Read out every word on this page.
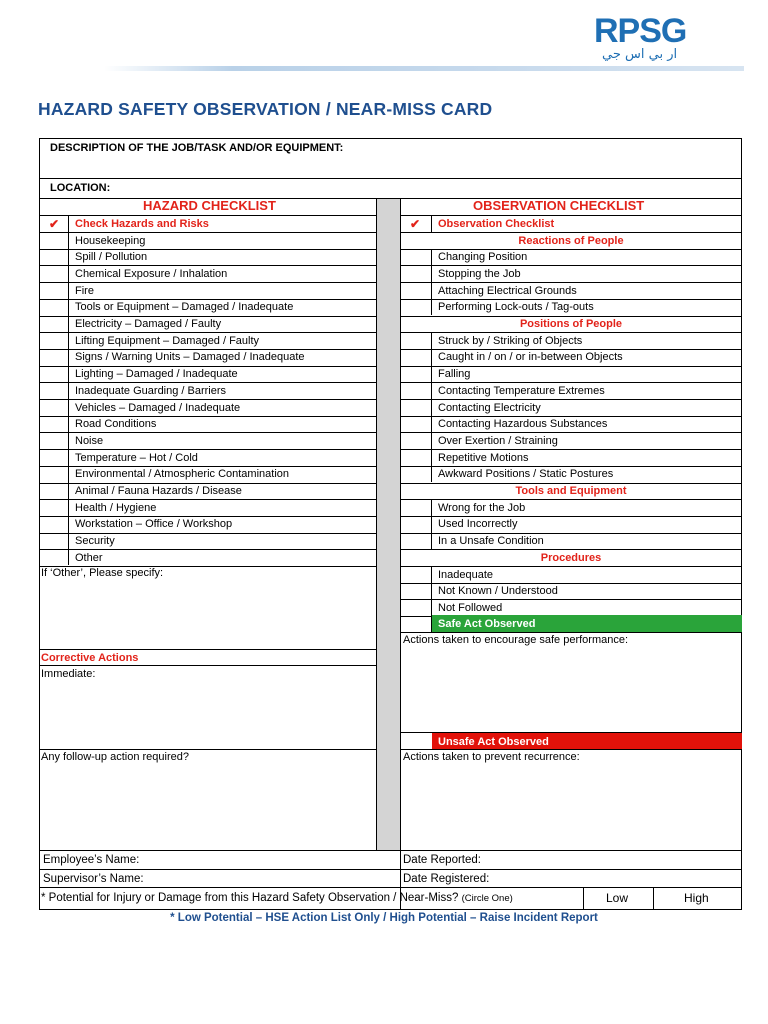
RPSG
ار بي اس جي
HAZARD SAFETY OBSERVATION / NEAR-MISS CARD
DESCRIPTION OF THE JOB/TASK AND/OR EQUIPMENT:
LOCATION:
HAZARD CHECKLIST	OBSERVATION CHECKLIST
✔ Check Hazards and Risks	✔ Observation Checklist
Housekeeping
Spill / Pollution
Chemical Exposure / Inhalation
Fire
Tools or Equipment – Damaged / Inadequate
Electricity – Damaged / Faulty
Lifting Equipment – Damaged / Faulty
Signs / Warning Units – Damaged / Inadequate
Lighting – Damaged / Inadequate
Inadequate Guarding / Barriers
Vehicles – Damaged / Inadequate
Road Conditions
Noise
Temperature – Hot / Cold
Environmental / Atmospheric Contamination
Animal / Fauna Hazards / Disease
Health / Hygiene
Workstation – Office / Workshop
Security
Other
Reactions of People
Changing Position
Stopping the Job
Attaching Electrical Grounds
Performing Lock-outs / Tag-outs
Positions of People
Struck by / Striking of Objects
Caught in / on / or in-between Objects
Falling
Contacting Temperature Extremes
Contacting Electricity
Contacting Hazardous Substances
Over Exertion / Straining
Repetitive Motions
Awkward Positions / Static Postures
Tools and Equipment
Wrong for the Job
Used Incorrectly
In a Unsafe Condition
Procedures
Inadequate
Not Known / Understood
Not Followed
If ‘Other’, Please specify:
Corrective Actions
Immediate:
Any follow-up action required?
Safe Act Observed
Actions taken to encourage safe performance:
Unsafe Act Observed
Actions taken to prevent recurrence:
Employee’s Name:	Date Reported:
Supervisor’s Name:	Date Registered:
* Potential for Injury or Damage from this Hazard Safety Observation / Near-Miss? (Circle One)	Low	High
* Low Potential – HSE Action List Only / High Potential – Raise Incident Report
